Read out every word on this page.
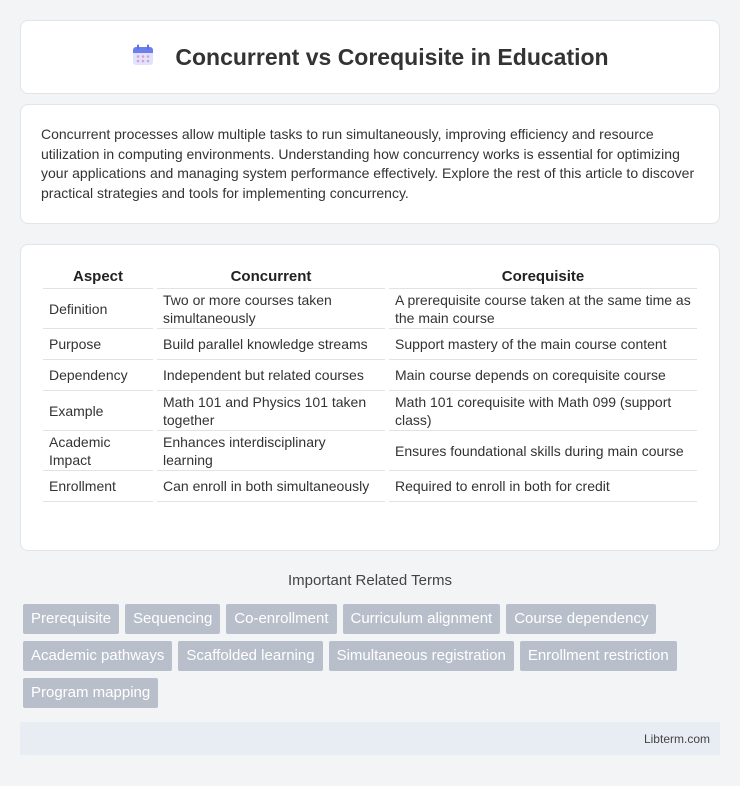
Concurrent vs Corequisite in Education

Concurrent processes allow multiple tasks to run simultaneously, improving efficiency and resource utilization in computing environments. Understanding how concurrency works is essential for optimizing your applications and managing system performance effectively. Explore the rest of this article to discover practical strategies and tools for implementing concurrency.

Aspect	Concurrent	Corequisite
Definition	Two or more courses taken simultaneously	A prerequisite course taken at the same time as the main course
Purpose	Build parallel knowledge streams	Support mastery of the main course content
Dependency	Independent but related courses	Main course depends on corequisite course
Example	Math 101 and Physics 101 taken together	Math 101 corequisite with Math 099 (support class)
Academic Impact	Enhances interdisciplinary learning	Ensures foundational skills during main course
Enrollment	Can enroll in both simultaneously	Required to enroll in both for credit
Important Related Terms
Prerequisite	Sequencing	Co-enrollment	Curriculum alignment	Course dependency
Academic pathways	Scaffolded learning	Simultaneous registration	Enrollment restriction
Program mapping
Libterm.com
